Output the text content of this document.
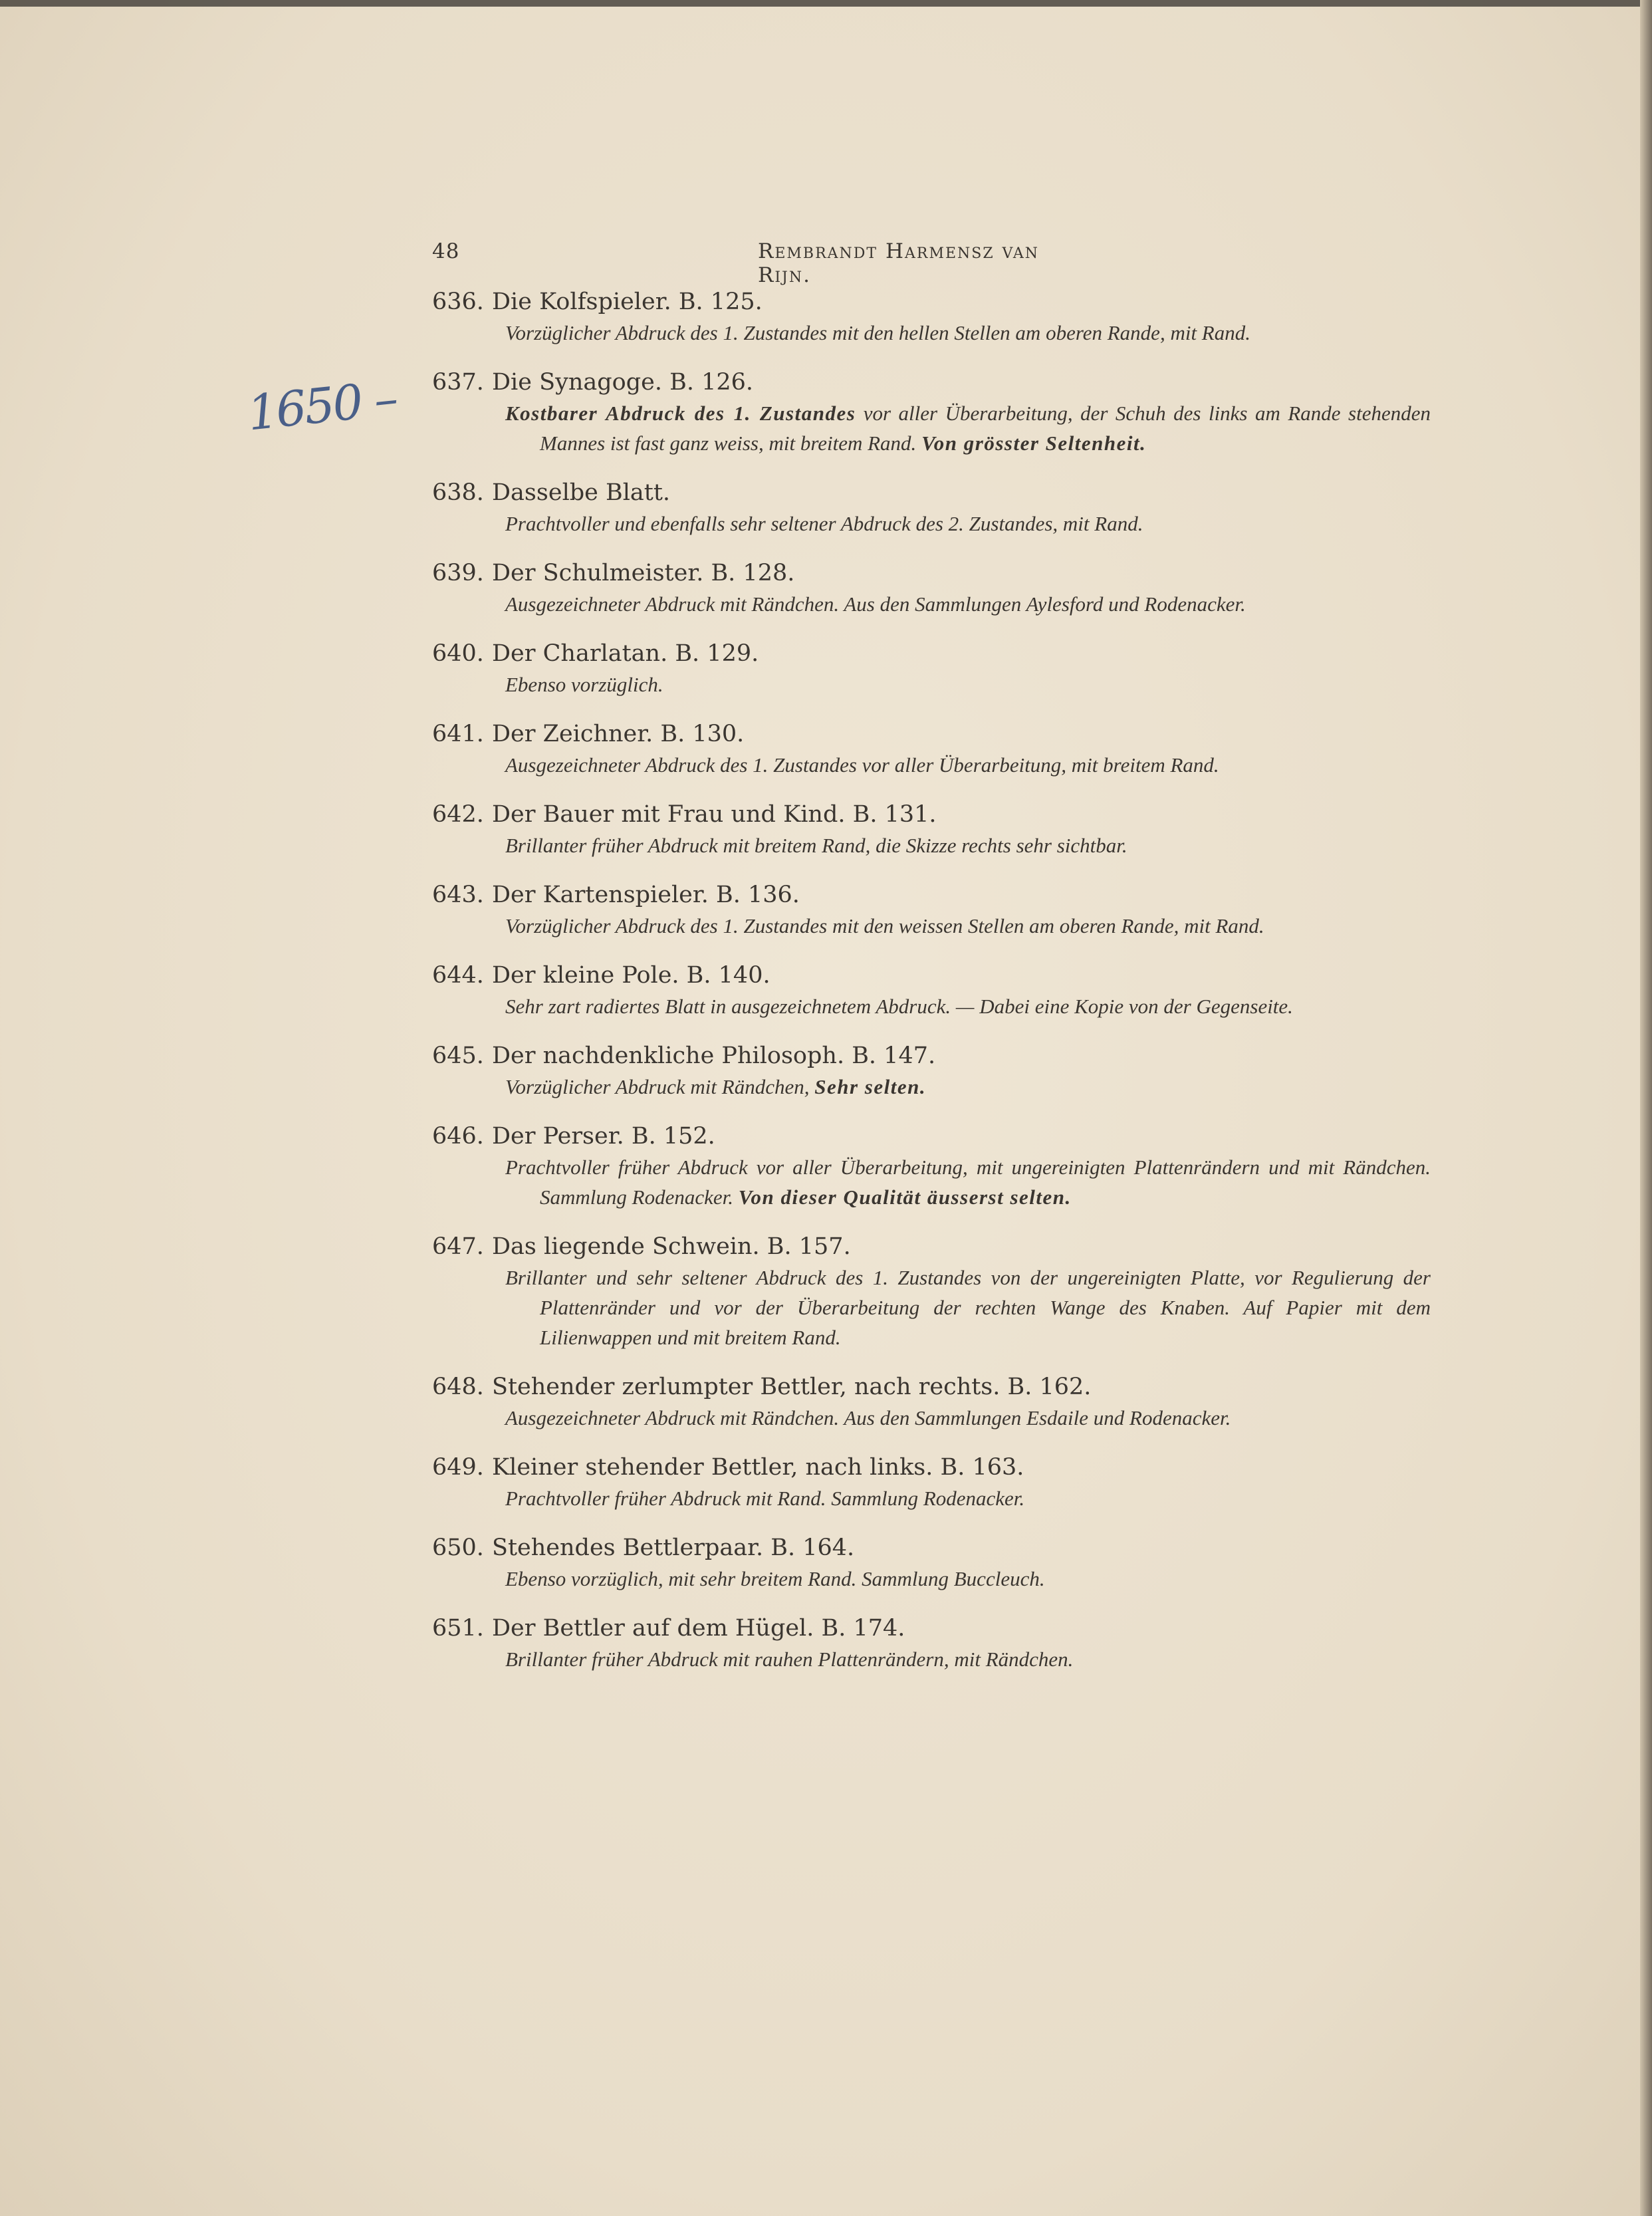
48	Rembrandt Harmensz van Rijn.
1650 –
636. Die Kolfspieler. B. 125.
Vorzüglicher Abdruck des 1. Zustandes mit den hellen Stellen am oberen Rande, mit Rand.
637. Die Synagoge. B. 126.
Kostbarer Abdruck des 1. Zustandes vor aller Überarbeitung, der Schuh des links am Rande stehenden Mannes ist fast ganz weiss, mit breitem Rand. Von grösster Seltenheit.
638. Dasselbe Blatt.
Prachtvoller und ebenfalls sehr seltener Abdruck des 2. Zustandes, mit Rand.
639. Der Schulmeister. B. 128.
Ausgezeichneter Abdruck mit Rändchen. Aus den Sammlungen Aylesford und Rodenacker.
640. Der Charlatan. B. 129.
Ebenso vorzüglich.
641. Der Zeichner. B. 130.
Ausgezeichneter Abdruck des 1. Zustandes vor aller Überarbeitung, mit breitem Rand.
642. Der Bauer mit Frau und Kind. B. 131.
Brillanter früher Abdruck mit breitem Rand, die Skizze rechts sehr sichtbar.
643. Der Kartenspieler. B. 136.
Vorzüglicher Abdruck des 1. Zustandes mit den weissen Stellen am oberen Rande, mit Rand.
644. Der kleine Pole. B. 140.
Sehr zart radiertes Blatt in ausgezeichnetem Abdruck. — Dabei eine Kopie von der Gegenseite.
645. Der nachdenkliche Philosoph. B. 147.
Vorzüglicher Abdruck mit Rändchen, Sehr selten.
646. Der Perser. B. 152.
Prachtvoller früher Abdruck vor aller Überarbeitung, mit ungereinigten Plattenrändern und mit Rändchen. Sammlung Rodenacker. Von dieser Qualität äusserst selten.
647. Das liegende Schwein. B. 157.
Brillanter und sehr seltener Abdruck des 1. Zustandes von der ungereinigten Platte, vor Regulierung der Plattenränder und vor der Überarbeitung der rechten Wange des Knaben. Auf Papier mit dem Lilienwappen und mit breitem Rand.
648. Stehender zerlumpter Bettler, nach rechts. B. 162.
Ausgezeichneter Abdruck mit Rändchen. Aus den Sammlungen Esdaile und Rodenacker.
649. Kleiner stehender Bettler, nach links. B. 163.
Prachtvoller früher Abdruck mit Rand. Sammlung Rodenacker.
650. Stehendes Bettlerpaar. B. 164.
Ebenso vorzüglich, mit sehr breitem Rand. Sammlung Buccleuch.
651. Der Bettler auf dem Hügel. B. 174.
Brillanter früher Abdruck mit rauhen Plattenrändern, mit Rändchen.
